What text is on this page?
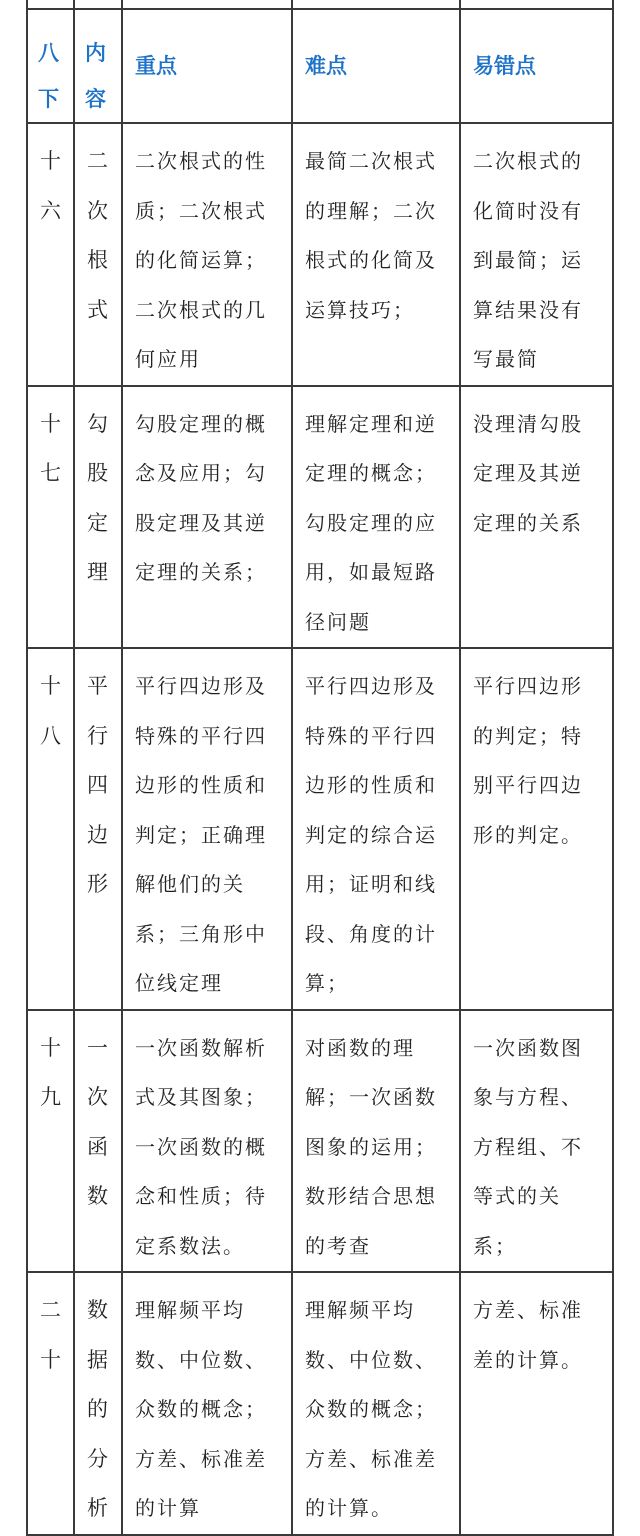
八下	内容	重点	难点	易错点

十六	二次根式	二次根式的性质；二次根式的化简运算；二次根式的几何应用	最简二次根式的理解；二次根式的化简及运算技巧；	二次根式的化简时没有到最简；运算结果没有写最简

十七	勾股定理	勾股定理的概念及应用；勾股定理及其逆定理的关系；	理解定理和逆定理的概念；勾股定理的应用，如最短路径问题	没理清勾股定理及其逆定理的关系

十八	平行四边形	平行四边形及特殊的平行四边形的性质和判定；正确理解他们的关系；三角形中位线定理	平行四边形及特殊的平行四边形的性质和判定的综合运用；证明和线段、角度的计算；	平行四边形的判定；特别平行四边形的判定。

十九	一次函数	一次函数解析式及其图象；一次函数的概念和性质；待定系数法。	对函数的理解；一次函数图象的运用；数形结合思想的考查	一次函数图象与方程、方程组、不等式的关系；

二十	数据的分析	理解频平均数、中位数、众数的概念；方差、标准差的计算	理解频平均数、中位数、众数的概念；方差、标准差的计算。	方差、标准差的计算。
